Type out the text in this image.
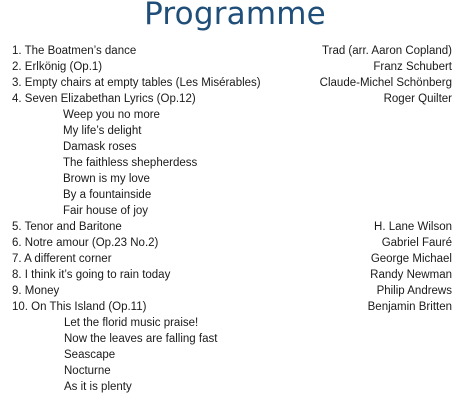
Programme
1. The Boatmen’s dance	Trad (arr. Aaron Copland)
2. Erlkönig (Op.1)	Franz Schubert
3. Empty chairs at empty tables (Les Misérables)	Claude-Michel Schönberg
4. Seven Elizabethan Lyrics (Op.12)	Roger Quilter
Weep you no more
My life’s delight
Damask roses
The faithless shepherdess
Brown is my love
By a fountainside
Fair house of joy
5. Tenor and Baritone	H. Lane Wilson
6. Notre amour (Op.23 No.2)	Gabriel Fauré
7. A different corner	George Michael
8. I think it’s going to rain today	Randy Newman
9. Money	Philip Andrews
10. On This Island (Op.11)	Benjamin Britten
Let the florid music praise!
Now the leaves are falling fast
Seascape
Nocturne
As it is plenty
